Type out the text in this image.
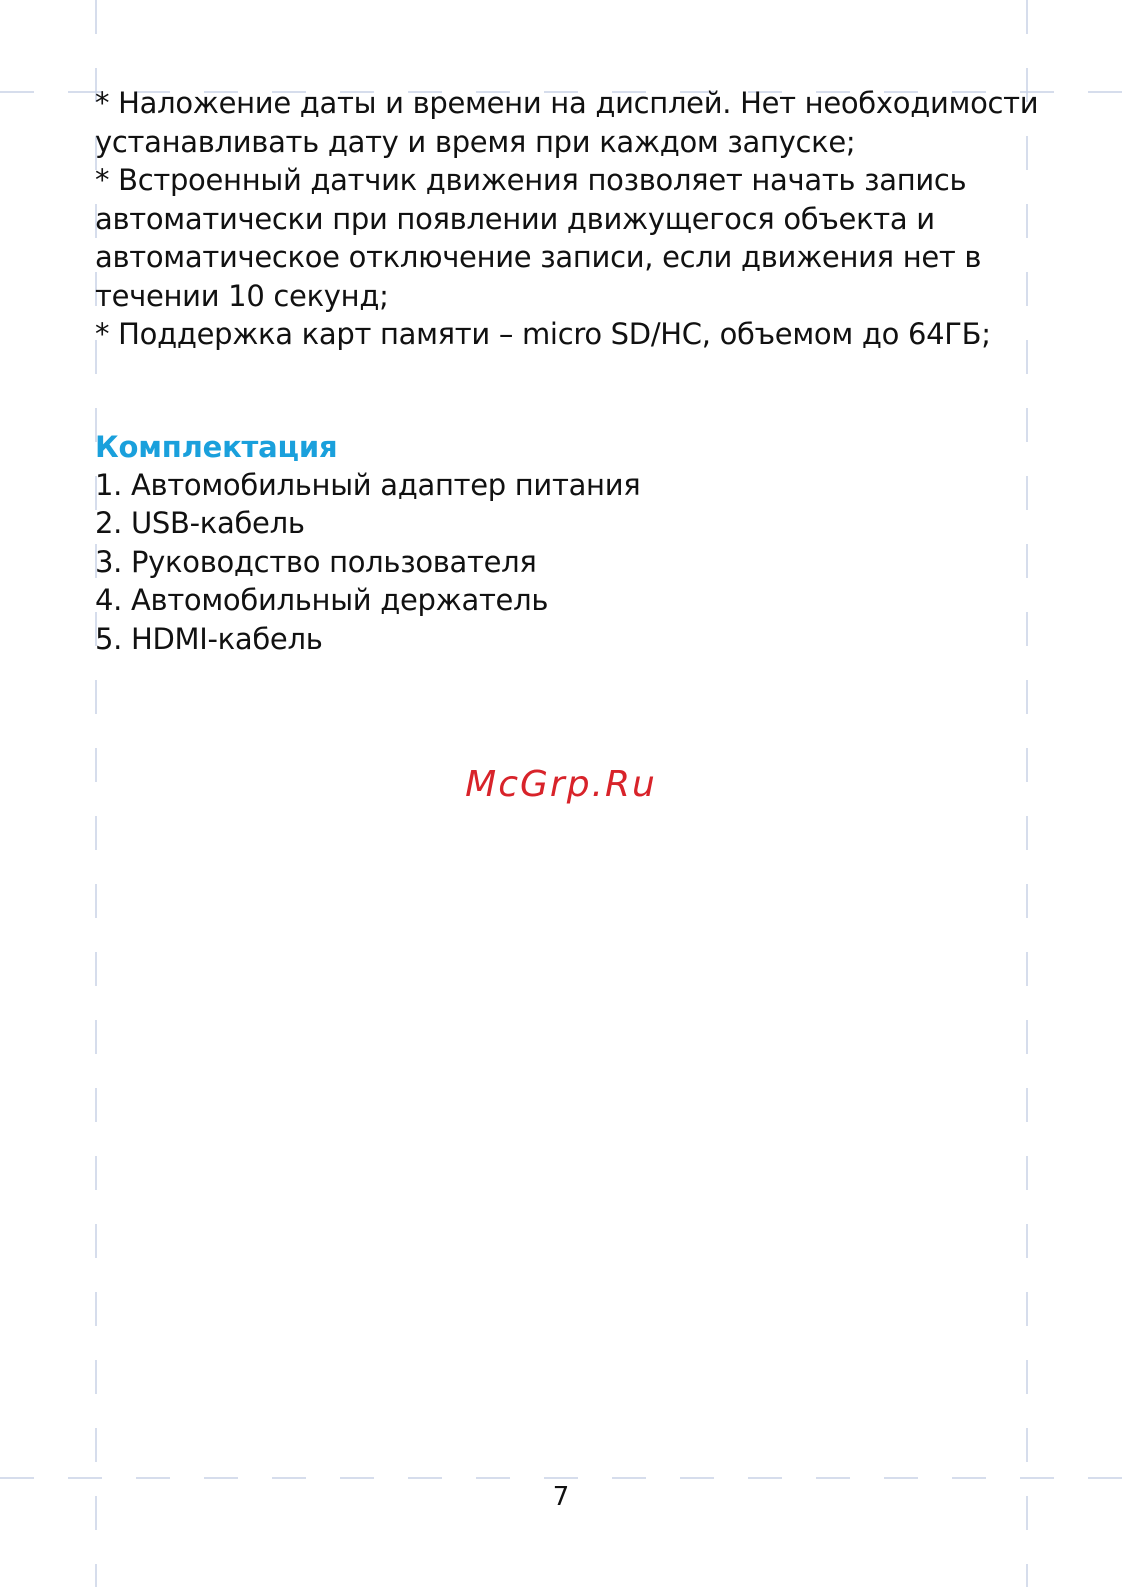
* Наложение даты и времени на дисплей. Нет необходимости устанавливать дату и время при каждом запуске;

* Встроенный датчик движения позволяет начать запись автоматически при появлении движущегося объекта и автоматическое отключение записи, если движения нет в течении 10 секунд;

* Поддержка карт памяти – micro SD/HC, объемом до 64ГБ;

Комплектация
1. Автомобильный адаптер питания
2. USB-кабель
3. Руководство пользователя
4. Автомобильный держатель
5. HDMI-кабель
McGrp.Ru
7
